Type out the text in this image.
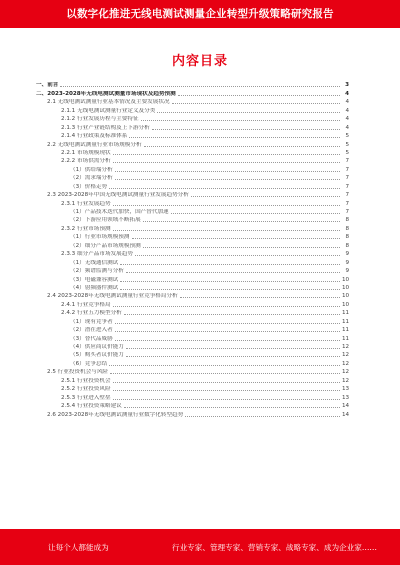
以数字化推进无线电测试测量企业转型升级策略研究报告
内容目录
一、前言	3
二、2023-2028年无线电测试测量市场现状及趋势预测	4
2.1 无线电测试测量行业基本情况及主要发展状况	4
2.1.1 无线电测试测量行业定义及分类	4
2.1.2 行业发展历程与主要特征	4
2.1.3 行业产业链结构及上下游分析	4
2.1.4 行业政策及标准体系	5
2.2 无线电测试测量行业市场规模分析	5
2.2.1 市场规模现状	5
2.2.2 市场供需分析	7
（1）供给端分析	7
（2）需求端分析	7
（3）价格走势	7
2.3 2023-2028年中国无线电测试测量行业发展趋势分析	7
2.3.1 行业发展趋势	7
（1）产品技术迭代加快，国产替代加速	7
（2）下游应用领域不断拓展	8
2.3.2 行业市场预测	8
（1）行业市场规模预测	8
（2）细分产品市场规模预测	8
2.3.3 细分产品市场发展趋势	9
（1）无线通信测试	9
（2）频谱监测与分析	9
（3）电磁兼容测试	10
（4）射频器件测试	10
2.4 2023-2028年无线电测试测量行业竞争格局分析	10
2.4.1 行业竞争格局	10
2.4.2 行业五力模型分析	11
（1）现有竞争者	11
（2）潜在进入者	11
（3）替代品威胁	11
（4）供应商议价能力	12
（5）购买者议价能力	12
（6）竞争总结	12
2.5 行业投资机会与风险	12
2.5.1 行业投资机会	12
2.5.2 行业投资风险	13
2.5.3 行业进入壁垒	13
2.5.4 行业投资策略建议	14
2.6 2023-2028年无线电测试测量行业数字化转型趋势	14
让每个人都能成为	行业专家、管理专家、营销专家、战略专家、成为企业家……
